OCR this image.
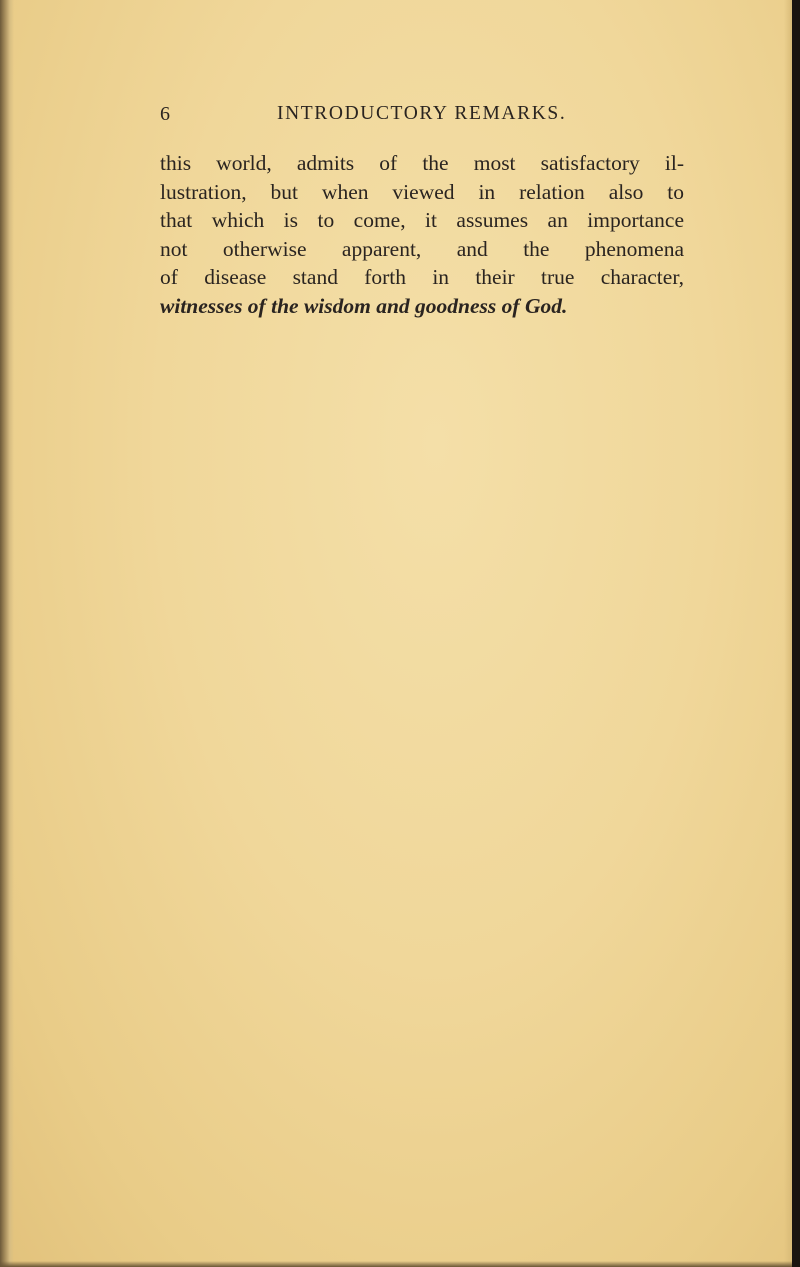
6	INTRODUCTORY REMARKS.
this world, admits of the most satisfactory il-
lustration, but when viewed in relation also to
that which is to come, it assumes an importance
not otherwise apparent, and the phenomena
of disease stand forth in their true character,
witnesses of the wisdom and goodness of God.
